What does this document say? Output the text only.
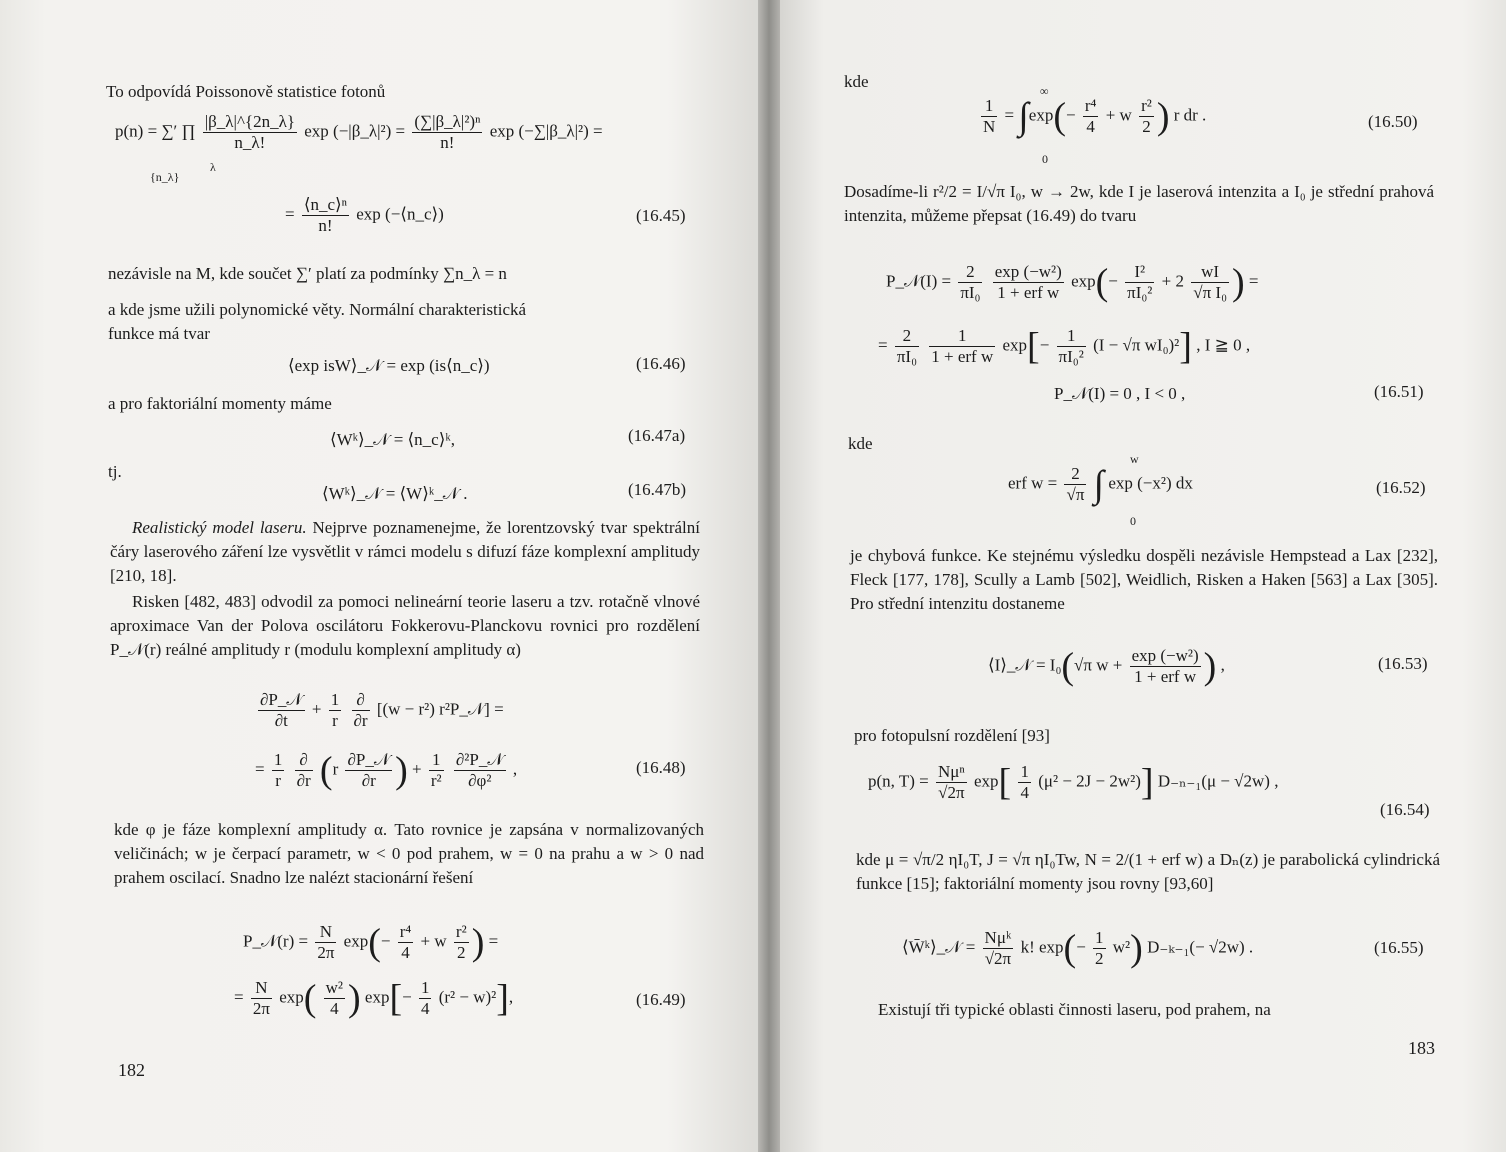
To odpovídá Poissonově statistice fotonů
p(n) = ∑′ ∏ $\frac{|\beta\_\lambda|\^{}\{2n\_\lambda\}}{n\_\lambda!}$ exp (−|β_λ|²) = $\frac{\text{(∑|β\_λ|²)ⁿ}}{n!}$ exp (−∑|β_λ|²) =
{n_λ}
λ
= $\frac{\text{⟨n\_c⟩ⁿ}}{n!}$ exp (−⟨n_c⟩)	(16.45)
nezávisle na M, kde součet ∑′ platí za podmínky ∑n_λ = n
a kde jsme užili polynomické věty. Normální charakteristická
funkce má tvar
⟨exp isW⟩_𝒩 = exp (is⟨n_c⟩)	(16.46)
a pro faktoriální momenty máme
⟨Wᵏ⟩_𝒩 = ⟨n_c⟩ᵏ,	(16.47a)
tj.
⟨Wᵏ⟩_𝒩 = ⟨W⟩ᵏ_𝒩 .	(16.47b)
Realistický model laseru. Nejprve poznamenejme, že lorentzovský tvar spektrální čáry laserového záření lze vysvětlit v rámci modelu s difuzí fáze komplexní amplitudy [210, 18].
Risken [482, 483] odvodil za pomoci nelineární teorie laseru a tzv. rotačně vlnové aproximace Van der Polova oscilátoru Fokkerovu-Planckovu rovnici pro rozdělení P_𝒩(r) reálné amplitudy r (modulu komplexní amplitudy α)
$\frac{\text{∂P\_𝒩}}{\partial t} + \frac{1}{r}$
$\frac{\partial}{\partial r} [(w - r^2)$ r²P_𝒩] =
= $\frac{1}{r}$
$\frac{\partial}{\partial r} (r \frac{\text{∂P\_𝒩}}{\partial r}$ ) + $\frac{1}{\text{r²}}$
$\frac{\text{∂²P\_𝒩}}{\text{∂φ²}}$ ,	(16.48)
kde φ je fáze komplexní amplitudy α. Tato rovnice je zapsána v normalizovaných veličinách; w je čerpací parametr, w < 0 pod prahem, w = 0 na prahu a w > 0 nad prahem oscilací. Snadno lze nalézt stacionární řešení
P_𝒩(r) = $\frac{N}{2\pi} \exp(- \frac{\text{r⁴}}{4} + w \frac{\text{r²}}{2}$ ) =
= $\frac{N}{2\pi} \exp( \frac{\text{w²}}{4}$ ) $\exp[- \frac{1}{4} (r^2 - w)^2]$,	(16.49)
182
kde
$\frac{1}{N} = \int\exp(- \frac{\text{r⁴}}{4} + w \frac{\text{r²}}{2}$ ) r dr .
∞
0
(16.50)
Dosadíme-li r²/2 = I/√π I₀, w → 2w, kde I je laserová intenzita a I₀ je střední prahová intenzita, můžeme přepsat (16.49) do tvaru
P_𝒩(I) = $\frac{2}{\text{πI₀}}$
$\frac{\text{exp (−w²)}}{\text{1 + erf w}} \exp(- \frac{\text{I²}}{\text{πI₀²}} + 2 \frac{wI}{\text{√π I₀}}$ ) =
= $\frac{2}{\text{πI₀}}$
$\frac{1}{\text{1 + erf w}} \exp[- \frac{1}{\text{πI₀²}} (I - √\pi$ wI₀)²] , I ≧ 0 ,
P_𝒩(I) = 0 , I < 0 ,	(16.51)
kde
erf $w = \frac{2}{√\pi}$ ∫ exp (−x²) dx
w
0
(16.52)
je chybová funkce. Ke stejnému výsledku dospěli nezávisle Hempstead a Lax [232], Fleck [177, 178], Scully a Lamb [502], Weidlich, Risken a Haken [563] a Lax [305]. Pro střední intenzitu dostaneme
⟨I⟩_𝒩 = I₀(√π $w + \frac{\text{exp (−w²)}}{\text{1 + erf w}}$ ) ,	(16.53)
pro fotopulsní rozdělení [93]
p(n, $T) = \frac{\text{Nμⁿ}}{√2\pi} \exp[ \frac{1}{4} (\mu^2 - 2J - 2w^2)] D_{-n-1}(\mu - √2w)$ ,
(16.54)
kde μ = √π/2 ηI₀T, J = √π ηI₀Tw, N = 2/(1 + erf w) a Dₙ(z) je parabolická cylindrická funkce [15]; faktoriální momenty jsou rovny [93,60]
⟨W̄ᵏ⟩_𝒩 = $\frac{\text{Nμᵏ}}{√2\pi} k$! $\exp(- \frac{1}{2} w^2)$ D₋ₖ₋₁(− √2w) .	(16.55)
Existují tři typické oblasti činnosti laseru, pod prahem, na
183
